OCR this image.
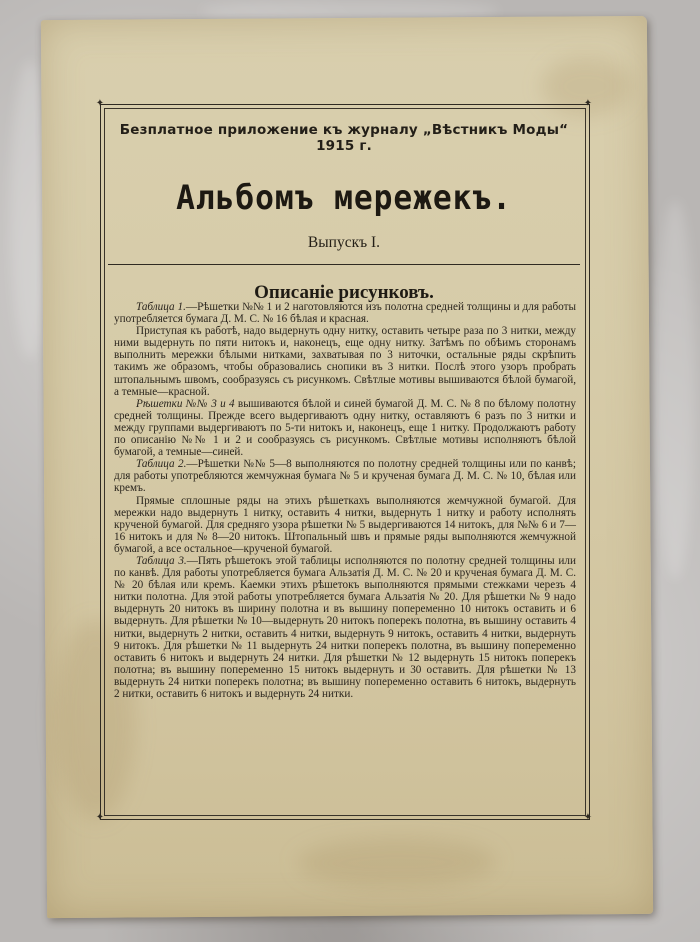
✦	✦
✦	✦
Безплатное приложение къ журналу „Вѣстникъ Моды“ 1915 г.
Альбомъ мережекъ.
Выпускъ I.
Описаніе рисунковъ.

Таблица 1.—Рѣшетки №№ 1 и 2 наготовляются изъ полотна средней толщины и для работы употребляется бумага Д. М. С. № 16 бѣлая и красная.

Приступая къ работѣ, надо выдернуть одну нитку, оставить четыре раза по 3 нитки, между ними выдернуть по пяти нитокъ и, наконецъ, еще одну нитку. Затѣмъ по обѣимъ сторонамъ выполнить мережки бѣлыми нитками, захватывая по 3 ниточки, остальные ряды скрѣпить такимъ же образомъ, чтобы образовались снопики въ 3 нитки. Послѣ этого узоръ пробрать штопальнымъ швомъ, сообразуясь съ рисункомъ. Свѣтлые мотивы вышиваются бѣлой бумагой, а темные—красной.

Рѣшетки №№ 3 и 4 вышиваются бѣлой и синей бумагой Д. М. С. № 8 по бѣлому полотну средней толщины. Прежде всего выдергиваютъ одну нитку, оставляютъ 6 разъ по 3 нитки и между группами выдергиваютъ по 5-ти нитокъ и, наконецъ, еще 1 нитку. Продолжаютъ работу по описанію №№ 1 и 2 и сообразуясь съ рисункомъ. Свѣтлые мотивы исполняютъ бѣлой бумагой, а темные—синей.

Таблица 2.—Рѣшетки №№ 5—8 выполняются по полотну средней толщины или по канвѣ; для работы употребляются жемчужная бумага № 5 и крученая бумага Д. М. С. № 10, бѣлая или кремъ.

Прямые сплошные ряды на этихъ рѣшеткахъ выполняются жемчужной бумагой. Для мережки надо выдернуть 1 нитку, оставить 4 нитки, выдернуть 1 нитку и работу исполнять крученой бумагой. Для средняго узора рѣшетки № 5 выдергиваются 14 нитокъ, для №№ 6 и 7—16 нитокъ и для № 8—20 нитокъ. Штопальный швъ и прямые ряды выполняются жемчужной бумагой, а все остальное—крученой бумагой.

Таблица 3.—Пять рѣшетокъ этой таблицы исполняются по полотну средней толщины или по канвѣ. Для работы употребляется бумага Альзатія Д. М. С. № 20 и крученая бумага Д. М. С. № 20 бѣлая или кремъ. Каемки этихъ рѣшетокъ выполняются прямыми стежками черезъ 4 нитки полотна. Для этой работы употребляется бумага Альзатія № 20. Для рѣшетки № 9 надо выдернуть 20 нитокъ въ ширину полотна и въ вышину попеременно 10 нитокъ оставить и 6 выдернуть. Для рѣшетки № 10—выдернуть 20 нитокъ поперекъ полотна, въ вышину оставить 4 нитки, выдернуть 2 нитки, оставить 4 нитки, выдернуть 9 нитокъ, оставить 4 нитки, выдернуть 9 нитокъ. Для рѣшетки № 11 выдернуть 24 нитки поперекъ полотна, въ вышину попеременно оставить 6 нитокъ и выдернуть 24 нитки. Для рѣшетки № 12 выдернуть 15 нитокъ поперекъ полотна; въ вышину попеременно 15 нитокъ выдернуть и 30 оставить. Для рѣшетки № 13 выдернуть 24 нитки поперекъ полотна; въ вышину попеременно оставить 6 нитокъ, выдернуть 2 нитки, оставить 6 нитокъ и выдернуть 24 нитки.
